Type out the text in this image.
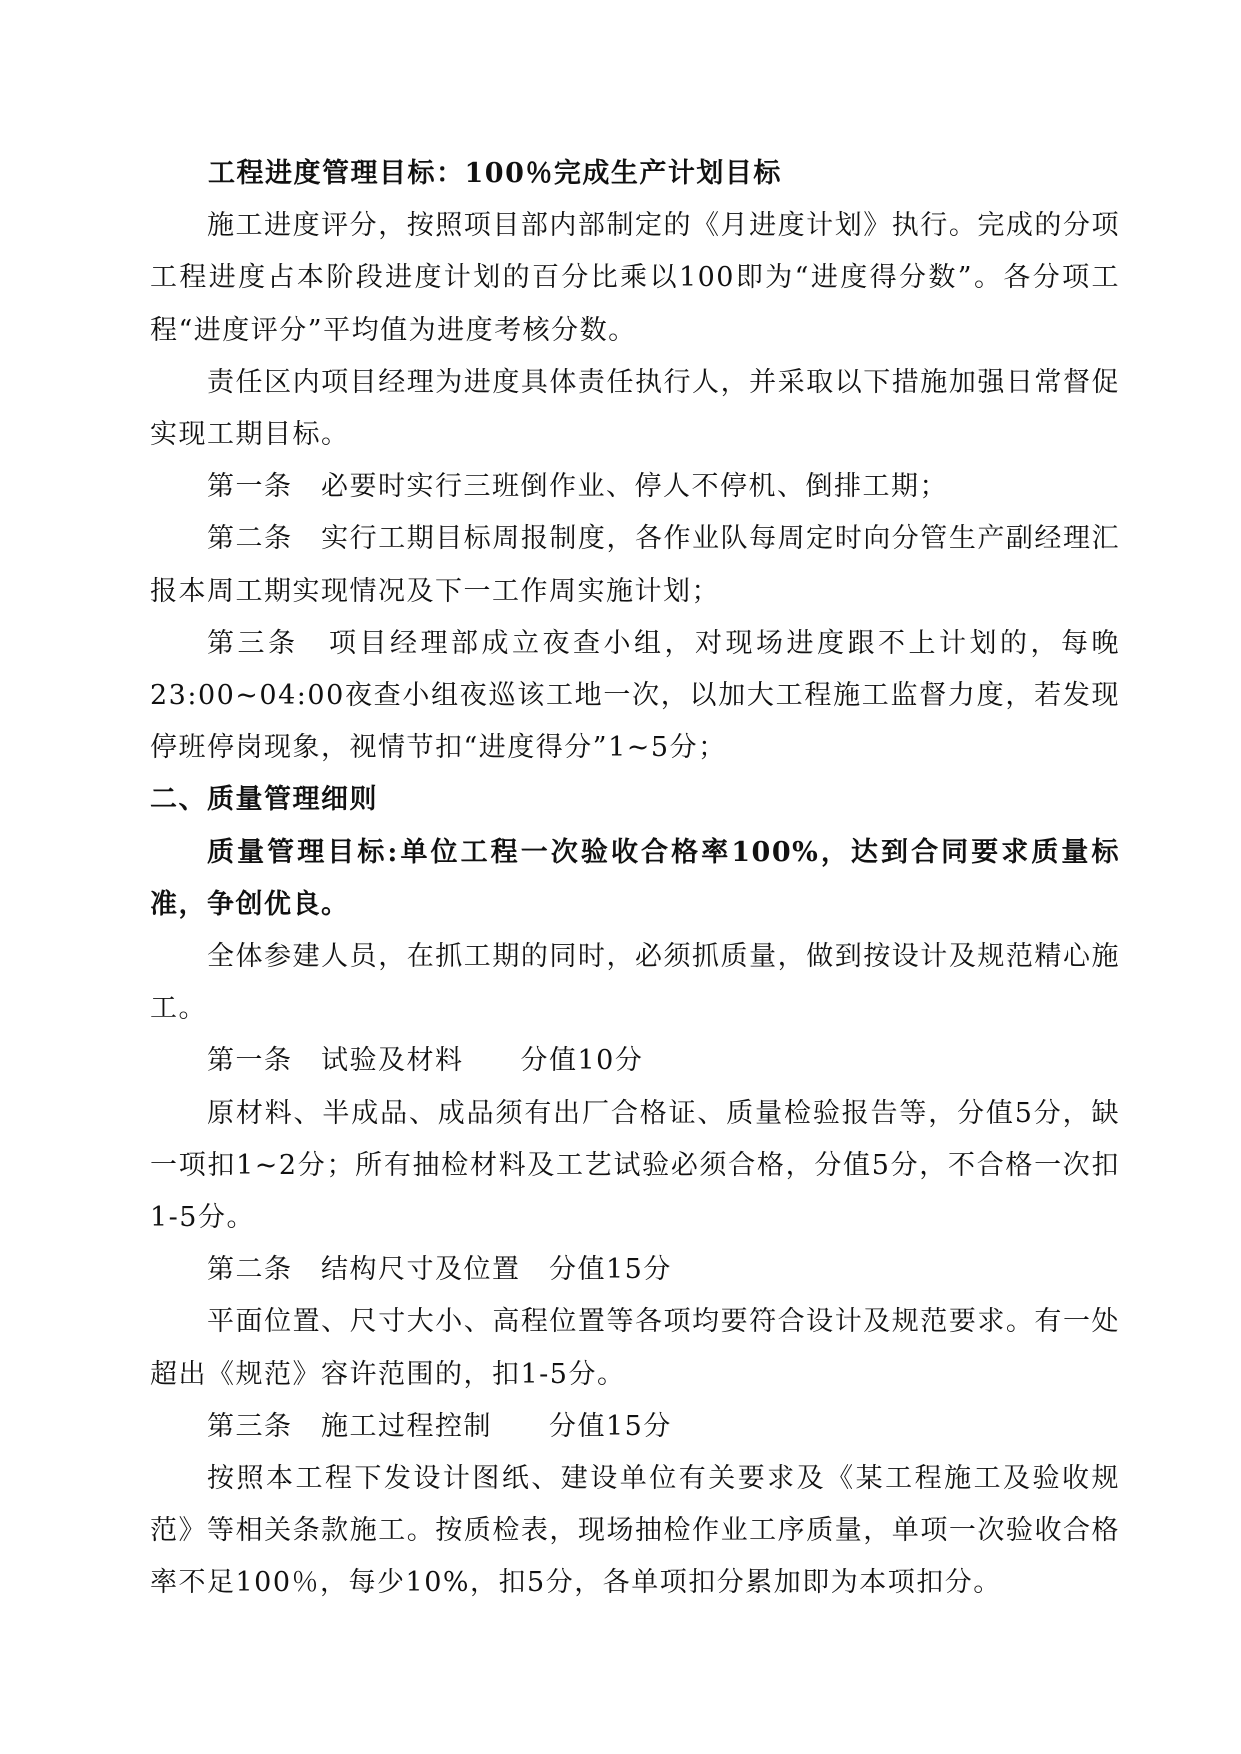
工程进度管理目标：100％完成生产计划目标

施工进度评分，按照项目部内部制定的《月进度计划》执行。完成的分项工程进度占本阶段进度计划的百分比乘以100即为“进度得分数”。各分项工程“进度评分”平均值为进度考核分数。

责任区内项目经理为进度具体责任执行人，并采取以下措施加强日常督促实现工期目标。

第一条　必要时实行三班倒作业、停人不停机、倒排工期；

第二条　实行工期目标周报制度，各作业队每周定时向分管生产副经理汇报本周工期实现情况及下一工作周实施计划；

第三条　项目经理部成立夜查小组，对现场进度跟不上计划的，每晚23:00~04:00夜查小组夜巡该工地一次，以加大工程施工监督力度，若发现停班停岗现象，视情节扣“进度得分”1~5分；

二、质量管理细则

质量管理目标:单位工程一次验收合格率100%，达到合同要求质量标准，争创优良。

全体参建人员，在抓工期的同时，必须抓质量，做到按设计及规范精心施工。

第一条　试验及材料　　分值10分

原材料、半成品、成品须有出厂合格证、质量检验报告等，分值5分，缺一项扣1~2分；所有抽检材料及工艺试验必须合格，分值5分，不合格一次扣1-5分。

第二条　结构尺寸及位置　分值15分

平面位置、尺寸大小、高程位置等各项均要符合设计及规范要求。有一处超出《规范》容许范围的，扣1-5分。

第三条　施工过程控制　　分值15分

按照本工程下发设计图纸、建设单位有关要求及《某工程施工及验收规范》等相关条款施工。按质检表，现场抽检作业工序质量，单项一次验收合格率不足100％，每少10%，扣5分，各单项扣分累加即为本项扣分。
